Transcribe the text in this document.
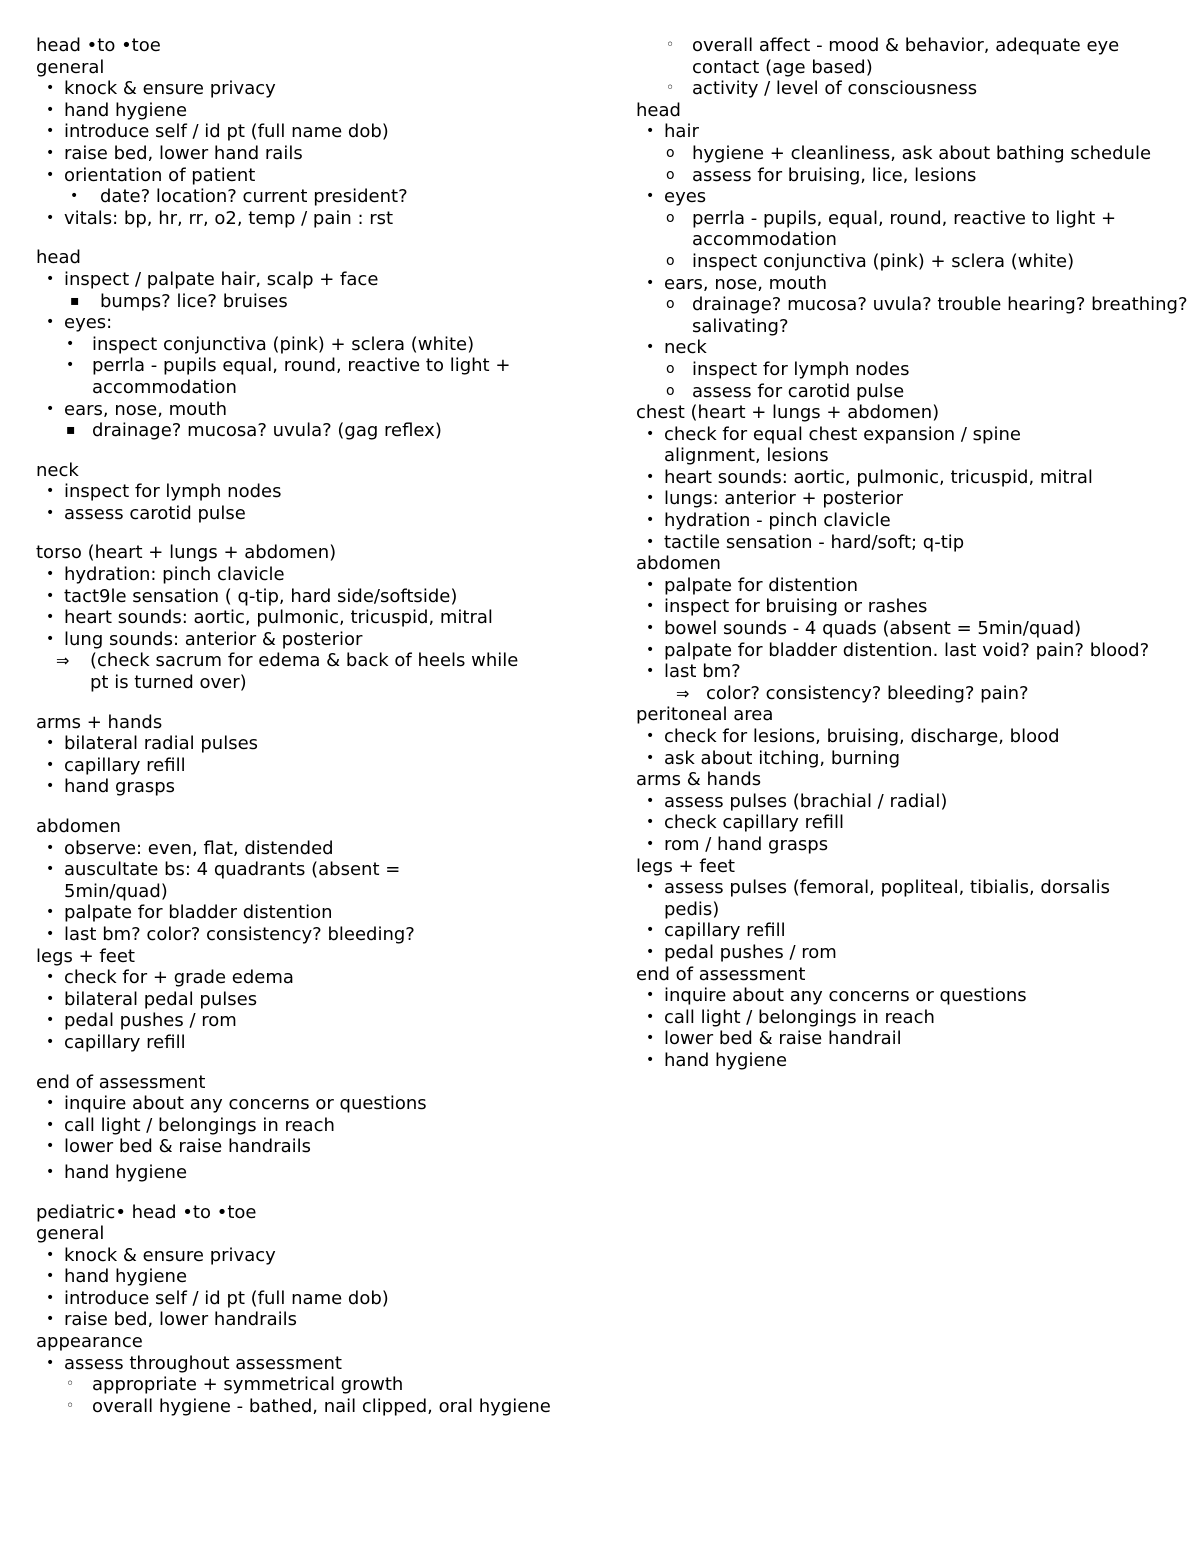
head •to •toe
general
• knock & ensure privacy
• hand hygiene
• introduce self / id pt (full name dob)
• raise bed, lower hand rails
• orientation of patient
• date? location? current president?
• vitals: bp, hr, rr, o2, temp / pain : rst
head
• inspect / palpate hair, scalp + face
▪ bumps? lice? bruises
• eyes:
• inspect conjunctiva (pink) + sclera (white)
• perrla - pupils equal, round, reactive to light + accommodation
• ears, nose, mouth
▪ drainage? mucosa? uvula? (gag reflex)
neck
• inspect for lymph nodes
• assess carotid pulse
torso (heart + lungs + abdomen)
• hydration: pinch clavicle
• tact9le sensation ( q-tip, hard side/softside)
• heart sounds: aortic, pulmonic, tricuspid, mitral
• lung sounds: anterior & posterior
⇒ (check sacrum for edema & back of heels while
pt is turned over)
arms + hands
• bilateral radial pulses
• capillary refill
• hand grasps
abdomen
• observe: even, flat, distended
• auscultate bs: 4 quadrants (absent = 5min/quad)
• palpate for bladder distention
• last bm? color? consistency? bleeding?
legs + feet
• check for + grade edema
• bilateral pedal pulses
• pedal pushes / rom
• capillary refill
end of assessment
• inquire about any concerns or questions
• call light / belongings in reach
• lower bed & raise handrails
• hand hygiene
pediatric• head •to •toe
general
• knock & ensure privacy
• hand hygiene
• introduce self / id pt (full name dob)
• raise bed, lower handrails
appearance
• assess throughout assessment
◦ appropriate + symmetrical growth
◦ overall hygiene - bathed, nail clipped, oral hygiene
◦ overall affect - mood & behavior, adequate eye contact (age based)
◦ activity / level of consciousness
head
• hair
o hygiene + cleanliness, ask about bathing schedule
o assess for bruising, lice, lesions
• eyes
o perrla - pupils, equal, round, reactive to light + accommodation
o inspect conjunctiva (pink) + sclera (white)
• ears, nose, mouth
o drainage? mucosa? uvula? trouble hearing? breathing? salivating?
• neck
o inspect for lymph nodes
o assess for carotid pulse
chest (heart + lungs + abdomen)
• check for equal chest expansion / spine alignment, lesions
• heart sounds: aortic, pulmonic, tricuspid, mitral
• lungs: anterior + posterior
• hydration - pinch clavicle
• tactile sensation - hard/soft; q-tip
abdomen
• palpate for distention
• inspect for bruising or rashes
• bowel sounds - 4 quads (absent = 5min/quad)
• palpate for bladder distention. last void? pain? blood?
• last bm?
⇒ color? consistency? bleeding? pain?
peritoneal area
• check for lesions, bruising, discharge, blood
• ask about itching, burning
arms & hands
• assess pulses (brachial / radial)
• check capillary refill
• rom / hand grasps
legs + feet
• assess pulses (femoral, popliteal, tibialis, dorsalis pedis)
• capillary refill
• pedal pushes / rom
end of assessment
• inquire about any concerns or questions
• call light / belongings in reach
• lower bed & raise handrail
• hand hygiene
